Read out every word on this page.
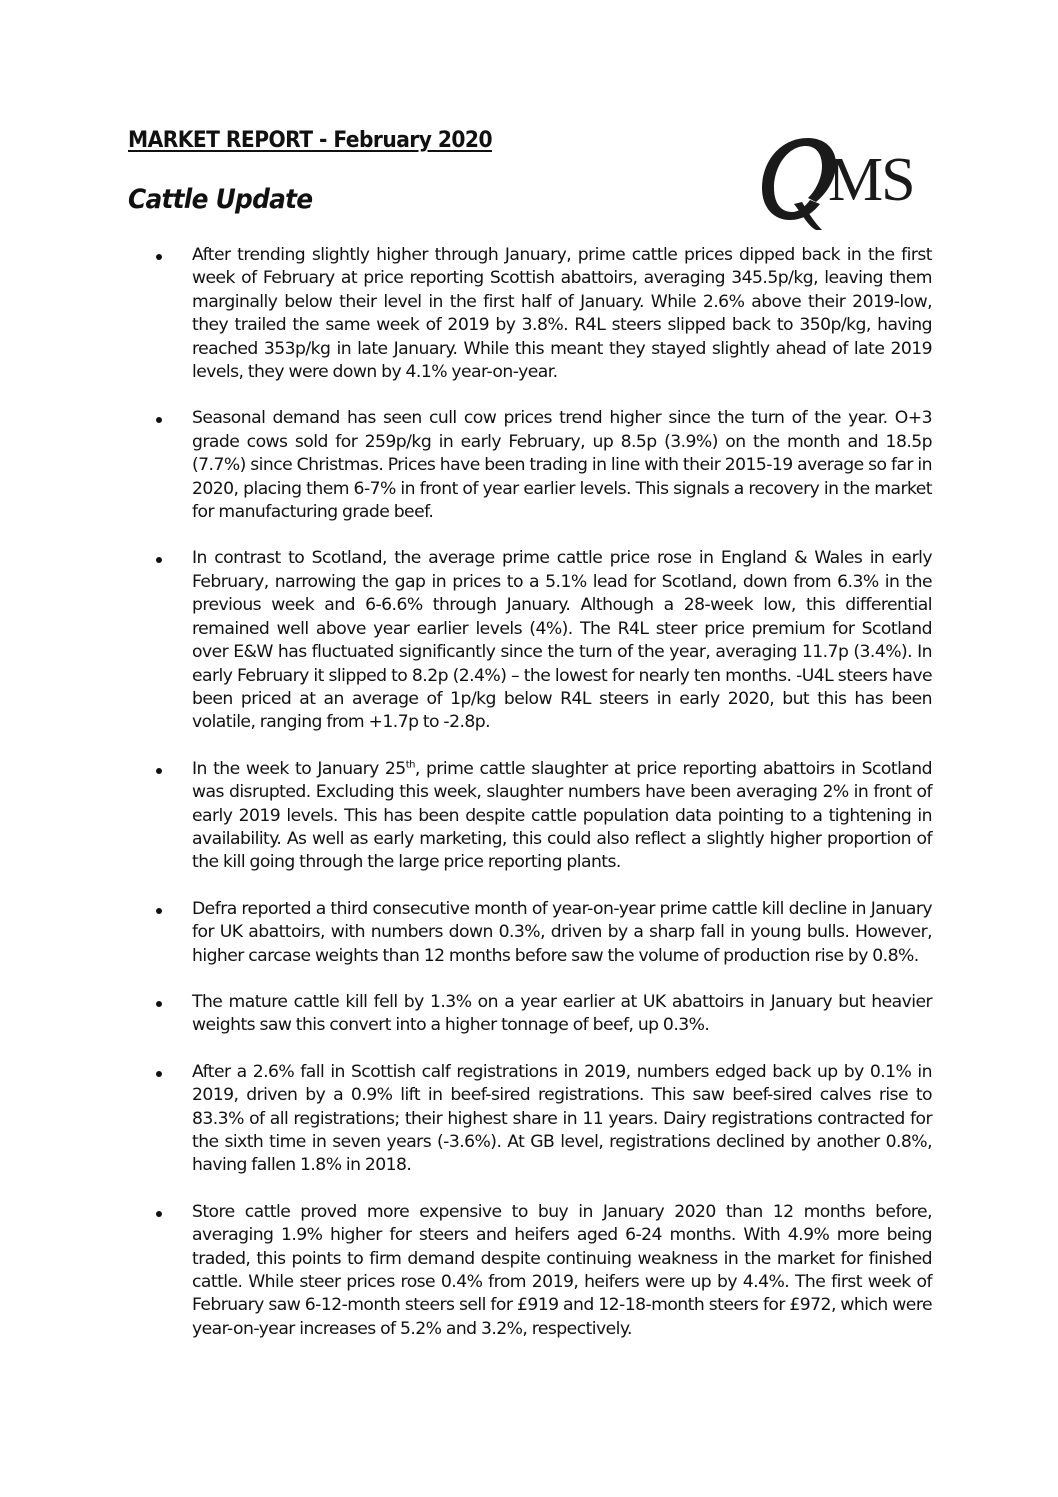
MARKET REPORT - February 2020
Cattle Update	MS
After trending slightly higher through January, prime cattle prices dipped back in the first week of February at price reporting Scottish abattoirs, averaging 345.5p/kg, leaving them marginally below their level in the first half of January. While 2.6% above their 2019-low, they trailed the same week of 2019 by 3.8%. R4L steers slipped back to 350p/kg, having reached 353p/kg in late January. While this meant they stayed slightly ahead of late 2019 levels, they were down by 4.1% year-on-year.
Seasonal demand has seen cull cow prices trend higher since the turn of the year. O+3 grade cows sold for 259p/kg in early February, up 8.5p (3.9%) on the month and 18.5p (7.7%) since Christmas. Prices have been trading in line with their 2015-19 average so far in 2020, placing them 6-7% in front of year earlier levels. This signals a recovery in the market for manufacturing grade beef.
In contrast to Scotland, the average prime cattle price rose in England & Wales in early February, narrowing the gap in prices to a 5.1% lead for Scotland, down from 6.3% in the previous week and 6-6.6% through January. Although a 28-week low, this differential remained well above year earlier levels (4%). The R4L steer price premium for Scotland over E&W has fluctuated significantly since the turn of the year, averaging 11.7p (3.4%). In early February it slipped to 8.2p (2.4%) – the lowest for nearly ten months. -U4L steers have been priced at an average of 1p/kg below R4L steers in early 2020, but this has been volatile, ranging from +1.7p to -2.8p.
In the week to January 25th, prime cattle slaughter at price reporting abattoirs in Scotland was disrupted. Excluding this week, slaughter numbers have been averaging 2% in front of early 2019 levels. This has been despite cattle population data pointing to a tightening in availability. As well as early marketing, this could also reflect a slightly higher proportion of the kill going through the large price reporting plants.
Defra reported a third consecutive month of year-on-year prime cattle kill decline in January for UK abattoirs, with numbers down 0.3%, driven by a sharp fall in young bulls. However, higher carcase weights than 12 months before saw the volume of production rise by 0.8%.
The mature cattle kill fell by 1.3% on a year earlier at UK abattoirs in January but heavier weights saw this convert into a higher tonnage of beef, up 0.3%.
After a 2.6% fall in Scottish calf registrations in 2019, numbers edged back up by 0.1% in 2019, driven by a 0.9% lift in beef-sired registrations. This saw beef-sired calves rise to 83.3% of all registrations; their highest share in 11 years. Dairy registrations contracted for the sixth time in seven years (-3.6%). At GB level, registrations declined by another 0.8%, having fallen 1.8% in 2018.
Store cattle proved more expensive to buy in January 2020 than 12 months before, averaging 1.9% higher for steers and heifers aged 6-24 months. With 4.9% more being traded, this points to firm demand despite continuing weakness in the market for finished cattle. While steer prices rose 0.4% from 2019, heifers were up by 4.4%. The first week of February saw 6-12-month steers sell for £919 and 12-18-month steers for £972, which were year-on-year increases of 5.2% and 3.2%, respectively.
